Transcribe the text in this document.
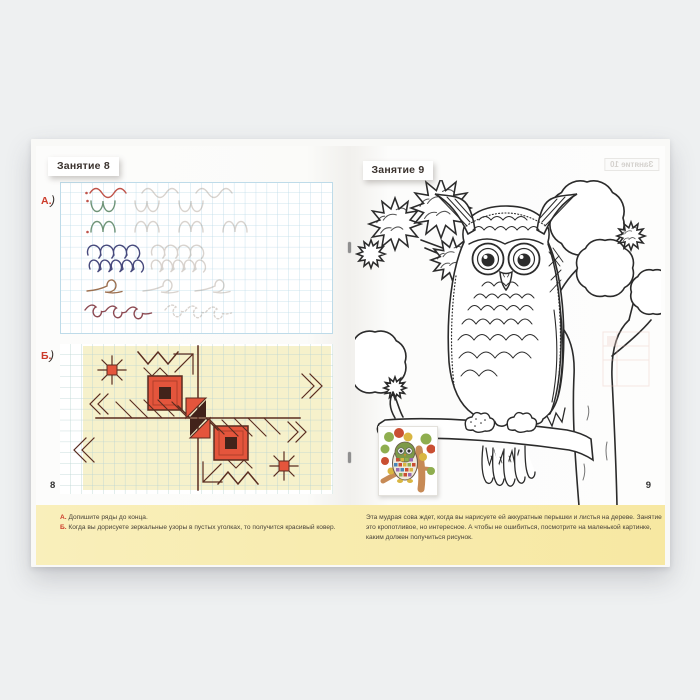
Занятие 8
А.)
Б.)
8
Занятие 9	Занятие 10
9
А. Допишите ряды до конца.
Б. Когда вы дорисуете зеркальные узоры в пустых уголках, то получится красивый ковер.
Эта мудрая сова ждет, когда вы нарисуете ей аккуратные перышки и листья на дереве. Занятие это кропотливое, но интересное. А чтобы не ошибиться, посмотрите на маленькой картинке, каким должен получиться рисунок.
